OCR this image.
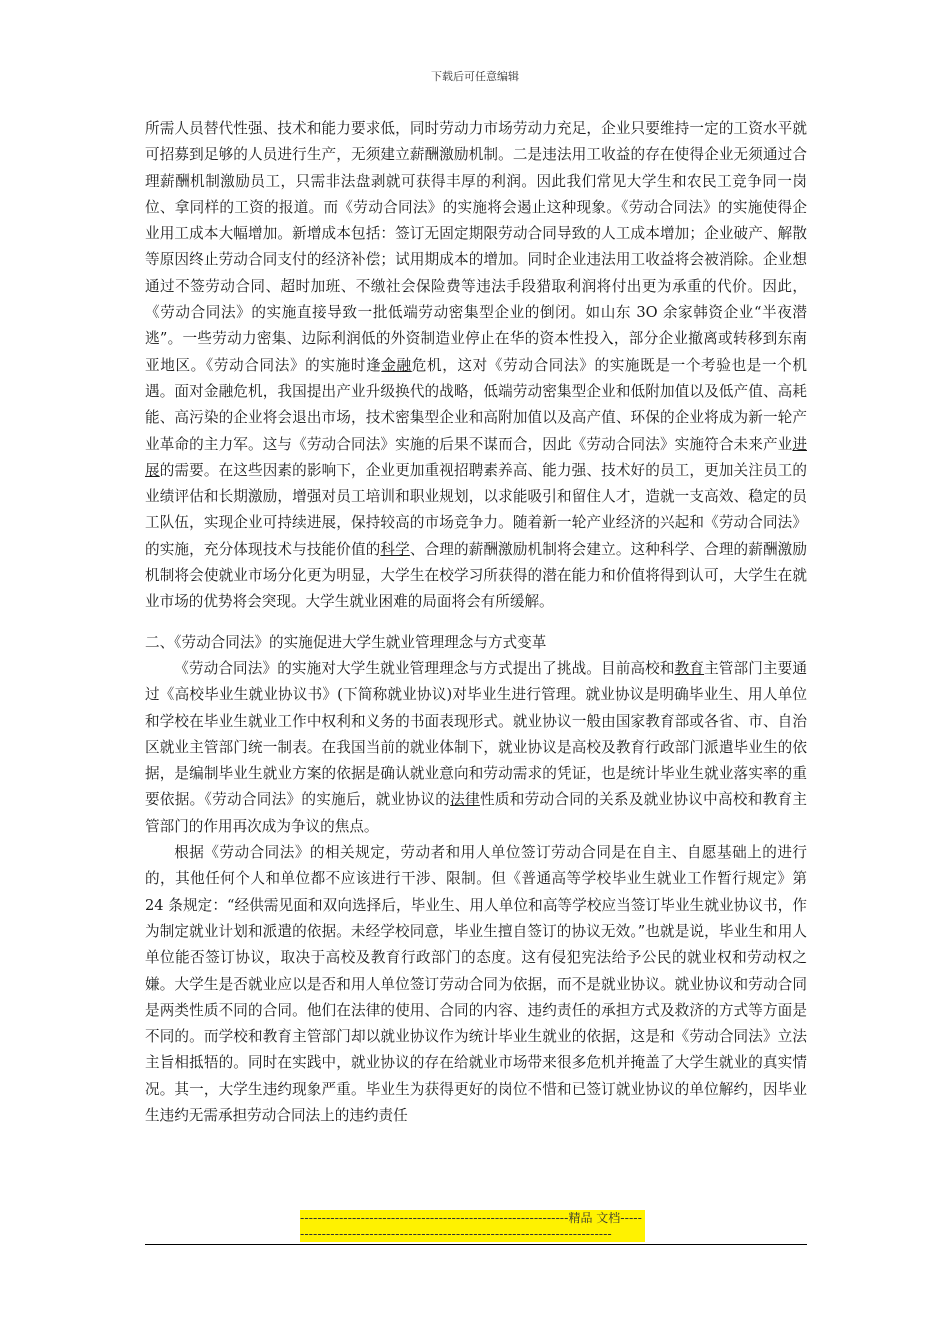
下载后可任意编辑

所需人员替代性强、技术和能力要求低，同时劳动力市场劳动力充足，企业只要维持一定的工资水平就可招募到足够的人员进行生产，无须建立薪酬激励机制。二是违法用工收益的存在使得企业无须通过合理薪酬机制激励员工，只需非法盘剥就可获得丰厚的利润。因此我们常见大学生和农民工竞争同一岗位、拿同样的工资的报道。而《劳动合同法》的实施将会遏止这种现象。《劳动合同法》的实施使得企业用工成本大幅增加。新增成本包括：签订无固定期限劳动合同导致的人工成本增加；企业破产、解散等原因终止劳动合同支付的经济补偿；试用期成本的增加。同时企业违法用工收益将会被消除。企业想通过不签劳动合同、超时加班、不缴社会保险费等违法手段猎取利润将付出更为承重的代价。因此，《劳动合同法》的实施直接导致一批低端劳动密集型企业的倒闭。如山东 3O 余家韩资企业“半夜潜逃”。一些劳动力密集、边际利润低的外资制造业停止在华的资本性投入，部分企业撤离或转移到东南亚地区。《劳动合同法》的实施时逢金融危机，这对《劳动合同法》的实施既是一个考验也是一个机遇。面对金融危机，我国提出产业升级换代的战略，低端劳动密集型企业和低附加值以及低产值、高耗能、高污染的企业将会退出市场，技术密集型企业和高附加值以及高产值、环保的企业将成为新一轮产业革命的主力军。这与《劳动合同法》实施的后果不谋而合，因此《劳动合同法》实施符合未来产业进展的需要。在这些因素的影响下，企业更加重视招聘素养高、能力强、技术好的员工，更加关注员工的业绩评估和长期激励，增强对员工培训和职业规划，以求能吸引和留住人才，造就一支高效、稳定的员工队伍，实现企业可持续进展，保持较高的市场竞争力。随着新一轮产业经济的兴起和《劳动合同法》的实施，充分体现技术与技能价值的科学、合理的薪酬激励机制将会建立。这种科学、合理的薪酬激励机制将会使就业市场分化更为明显，大学生在校学习所获得的潜在能力和价值将得到认可，大学生在就业市场的优势将会突现。大学生就业困难的局面将会有所缓解。

二、《劳动合同法》的实施促进大学生就业管理理念与方式变革

《劳动合同法》的实施对大学生就业管理理念与方式提出了挑战。目前高校和教育主管部门主要通过《高校毕业生就业协议书》(下简称就业协议)对毕业生进行管理。就业协议是明确毕业生、用人单位和学校在毕业生就业工作中权利和义务的书面表现形式。就业协议一般由国家教育部或各省、市、自治区就业主管部门统一制表。在我国当前的就业体制下，就业协议是高校及教育行政部门派遣毕业生的依据，是编制毕业生就业方案的依据是确认就业意向和劳动需求的凭证，也是统计毕业生就业落实率的重要依据。《劳动合同法》的实施后，就业协议的法律性质和劳动合同的关系及就业协议中高校和教育主管部门的作用再次成为争议的焦点。

根据《劳动合同法》的相关规定，劳动者和用人单位签订劳动合同是在自主、自愿基础上的进行的，其他任何个人和单位都不应该进行干涉、限制。但《普通高等学校毕业生就业工作暂行规定》第 24 条规定：“经供需见面和双向选择后，毕业生、用人单位和高等学校应当签订毕业生就业协议书，作为制定就业计划和派遣的依据。未经学校同意，毕业生擅自签订的协议无效。”也就是说，毕业生和用人单位能否签订协议，取决于高校及教育行政部门的态度。这有侵犯宪法给予公民的就业权和劳动权之嫌。大学生是否就业应以是否和用人单位签订劳动合同为依据，而不是就业协议。就业协议和劳动合同是两类性质不同的合同。他们在法律的使用、合同的内容、违约责任的承担方式及救济的方式等方面是不同的。而学校和教育主管部门却以就业协议作为统计毕业生就业的依据，这是和《劳动合同法》立法主旨相抵牾的。同时在实践中，就业协议的存在给就业市场带来很多危机并掩盖了大学生就业的真实情况。其一，大学生违约现象严重。毕业生为获得更好的岗位不惜和已签订就业协议的单位解约，因毕业生违约无需承担劳动合同法上的违约责任

--------------------------------------------------------------精品 文档-----------------------------------------------------------------------------
